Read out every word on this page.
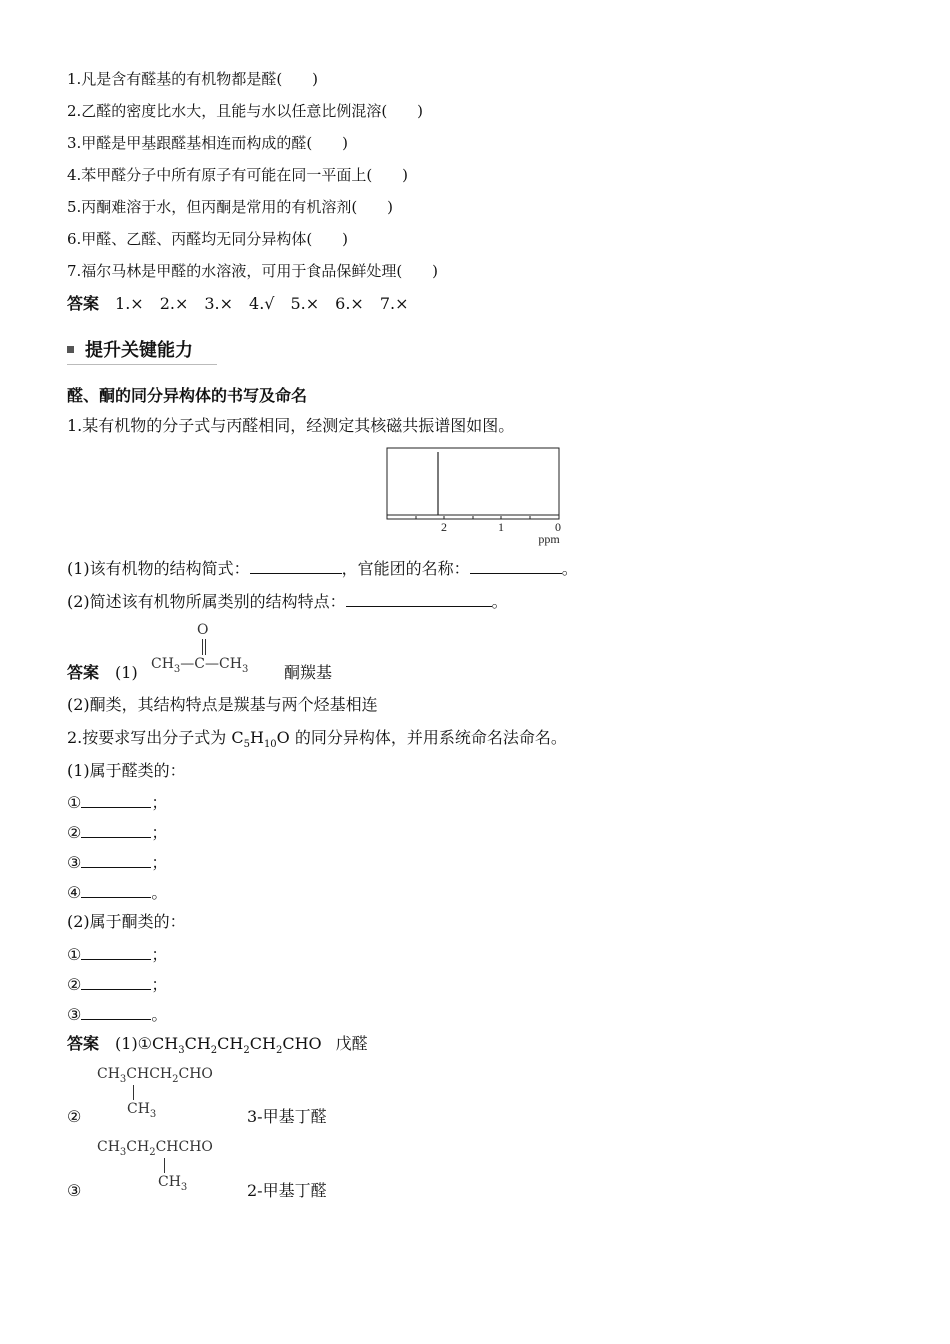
1.凡是含有醛基的有机物都是醛(　　)
2.乙醛的密度比水大，且能与水以任意比例混溶(　　)
3.甲醛是甲基跟醛基相连而构成的醛(　　)
4.苯甲醛分子中所有原子有可能在同一平面上(　　)
5.丙酮难溶于水，但丙酮是常用的有机溶剂(　　)
6.甲醛、乙醛、丙醛均无同分异构体(　　)
7.福尔马林是甲醛的水溶液，可用于食品保鲜处理(　　)
答案 1.×　2.×　3.×　4.√　5.×　6.×　7.×
提升关键能力
醛、酮的同分异构体的书写及命名
1.某有机物的分子式与丙醛相同，经测定其核磁共振谱图如图。
2	1	0
ppm
(1)该有机物的结构简式：	，官能团的名称：	。
(2)简述该有机物所属类别的结构特点：	。
答案 (1)
O
$CH_3—C—CH_3$ 酮羰基
(2)酮类，其结构特点是羰基与两个烃基相连
2.按要求写出分子式为 $C_5H_{10}O$ 的同分异构体，并用系统命名法命名。
(1)属于醛类的：
①	；
②	；
③	；
④	。
(2)属于酮类的：
①	；
②	；
③	。
答案 $(1)①CH_3CH_2CH_2CH_2CHO$ 戊醛
$CH_3CHCH_2CHO$
$CH_3$
②	3-甲基丁醛
$CH_3CH_2CHCHO$
$CH_3$
③	2-甲基丁醛
